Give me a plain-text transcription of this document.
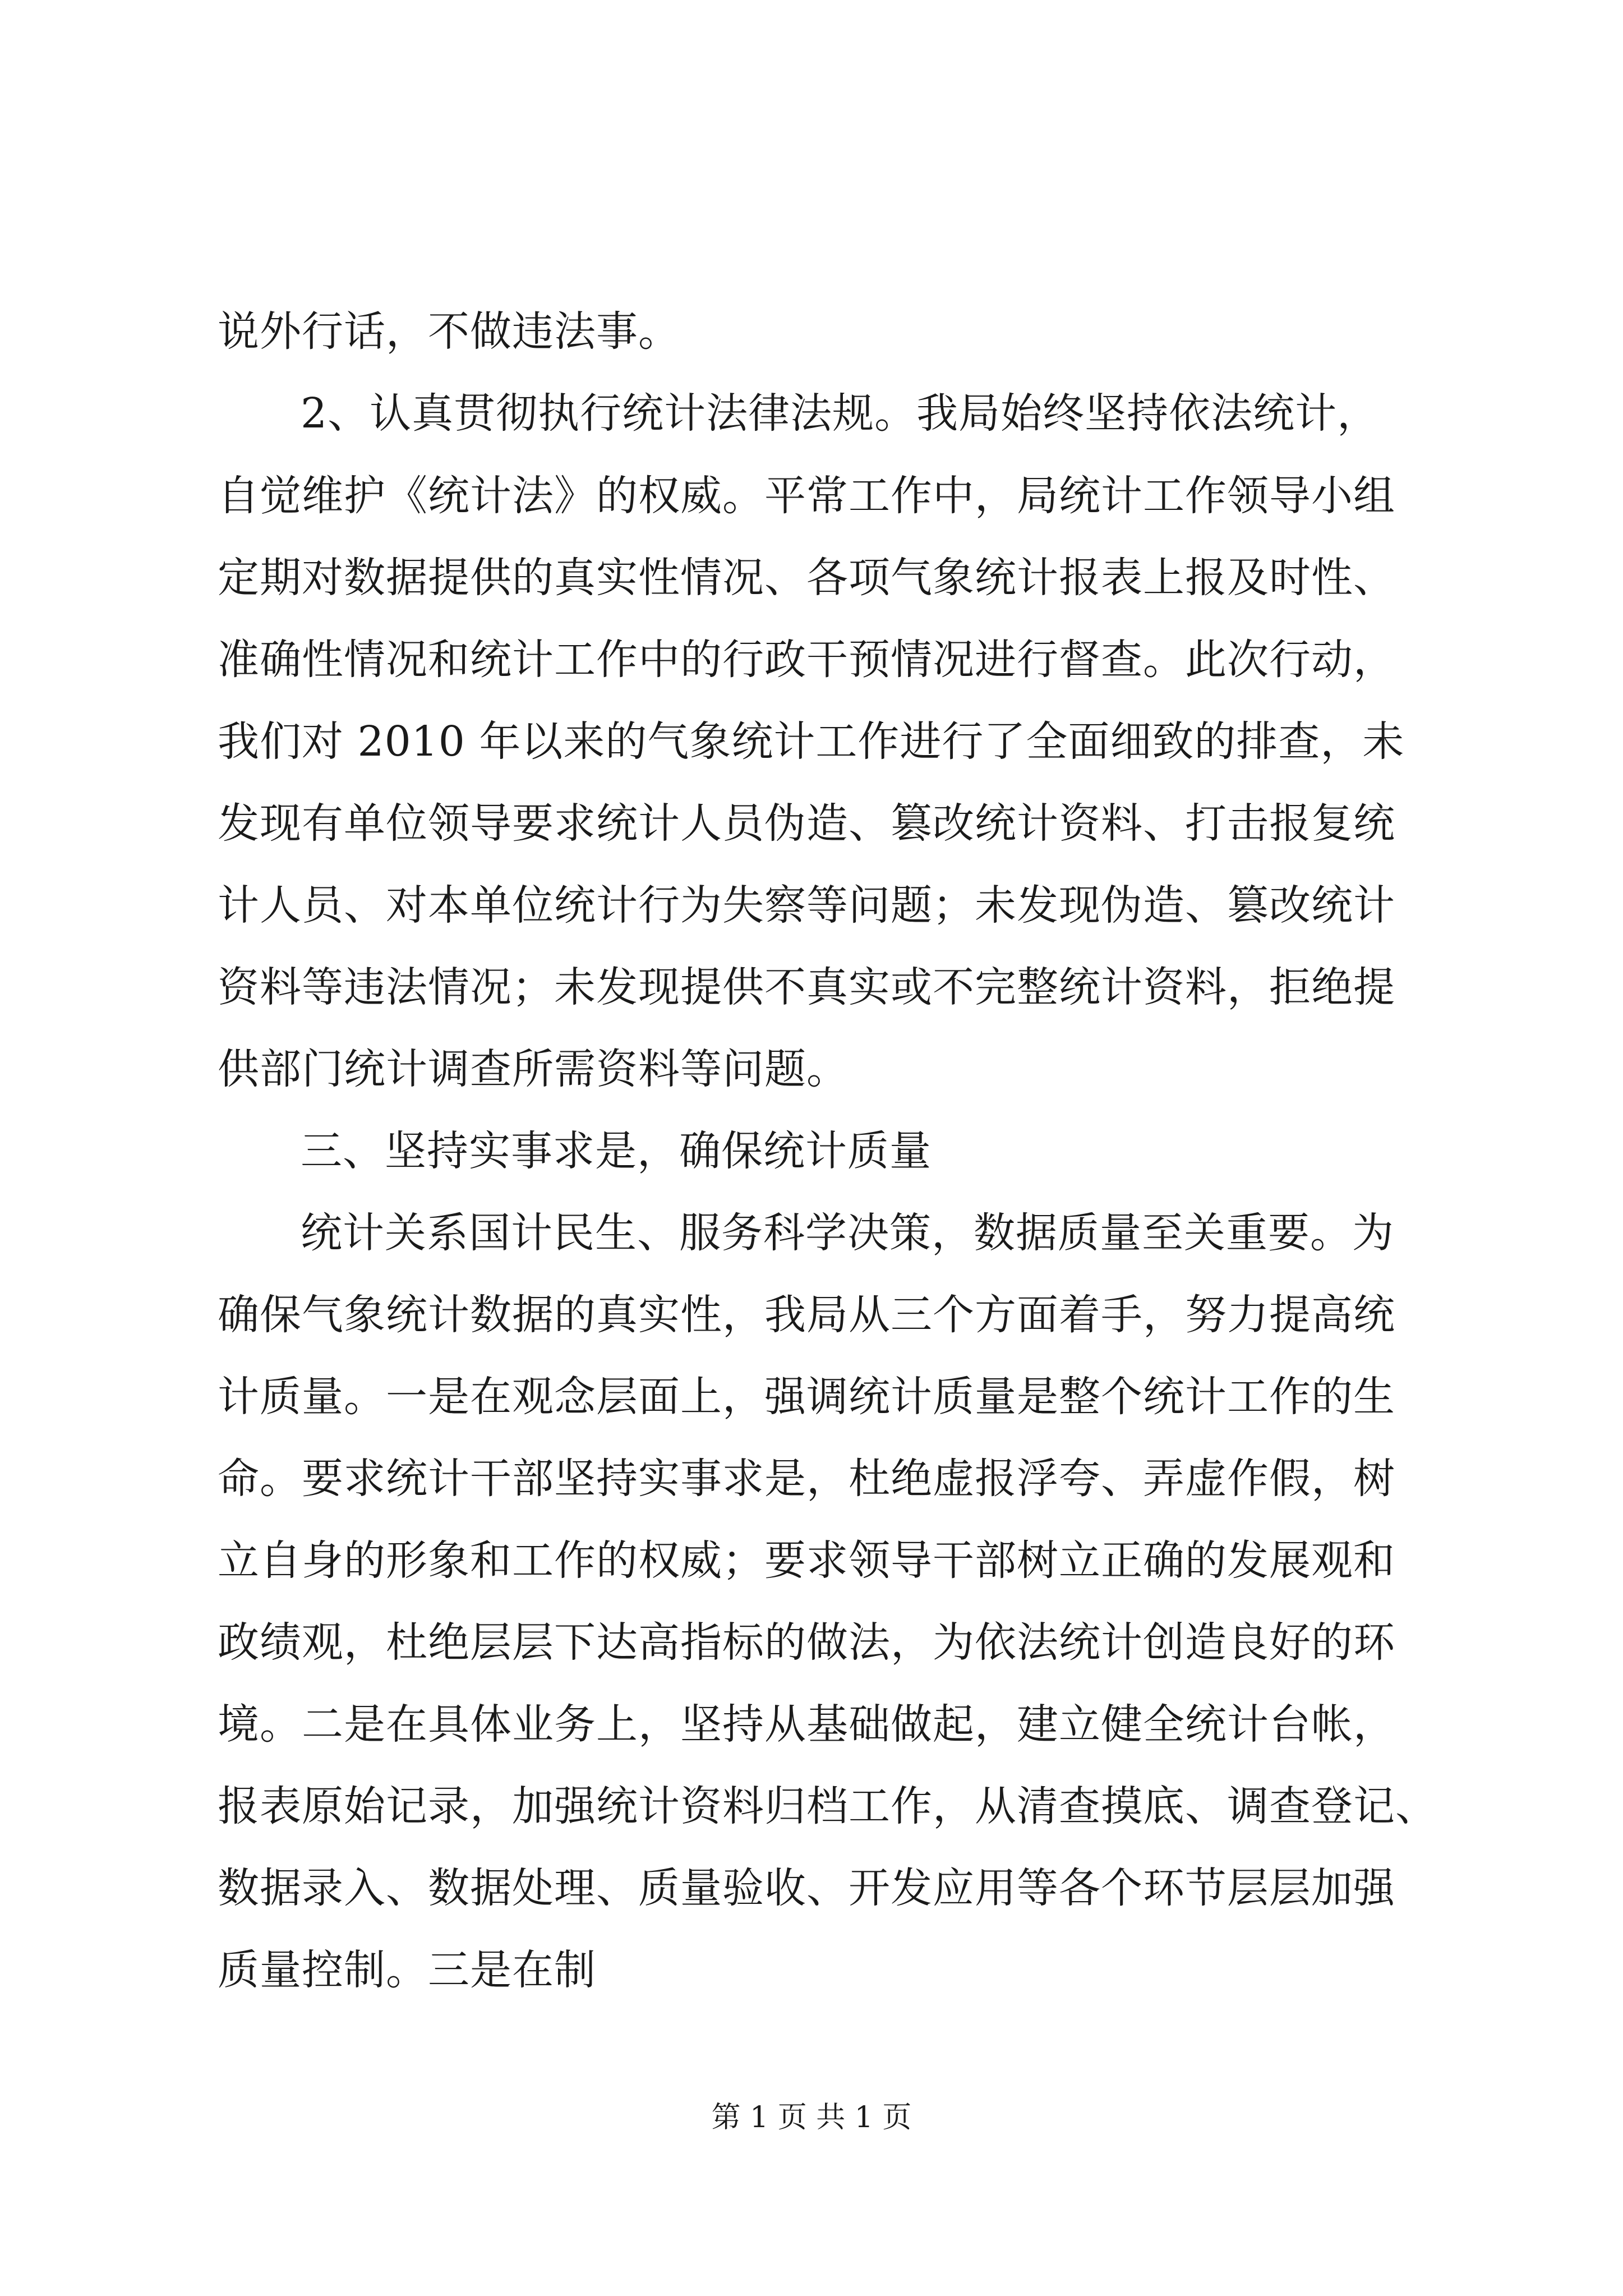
说外行话，不做违法事。
2、认真贯彻执行统计法律法规。我局始终坚持依法统计，
自觉维护《统计法》的权威。平常工作中，局统计工作领导小组
定期对数据提供的真实性情况、各项气象统计报表上报及时性、
准确性情况和统计工作中的行政干预情况进行督查。此次行动，
我们对 2010 年以来的气象统计工作进行了全面细致的排查，未
发现有单位领导要求统计人员伪造、篡改统计资料、打击报复统
计人员、对本单位统计行为失察等问题；未发现伪造、篡改统计
资料等违法情况；未发现提供不真实或不完整统计资料，拒绝提
供部门统计调查所需资料等问题。
三、坚持实事求是，确保统计质量
统计关系国计民生、服务科学决策，数据质量至关重要。为
确保气象统计数据的真实性，我局从三个方面着手，努力提高统
计质量。一是在观念层面上，强调统计质量是整个统计工作的生
命。要求统计干部坚持实事求是，杜绝虚报浮夸、弄虚作假，树
立自身的形象和工作的权威；要求领导干部树立正确的发展观和
政绩观，杜绝层层下达高指标的做法，为依法统计创造良好的环
境。二是在具体业务上，坚持从基础做起，建立健全统计台帐，
报表原始记录，加强统计资料归档工作，从清查摸底、调查登记、
数据录入、数据处理、质量验收、开发应用等各个环节层层加强
质量控制。三是在制
第 1 页 共 1 页
